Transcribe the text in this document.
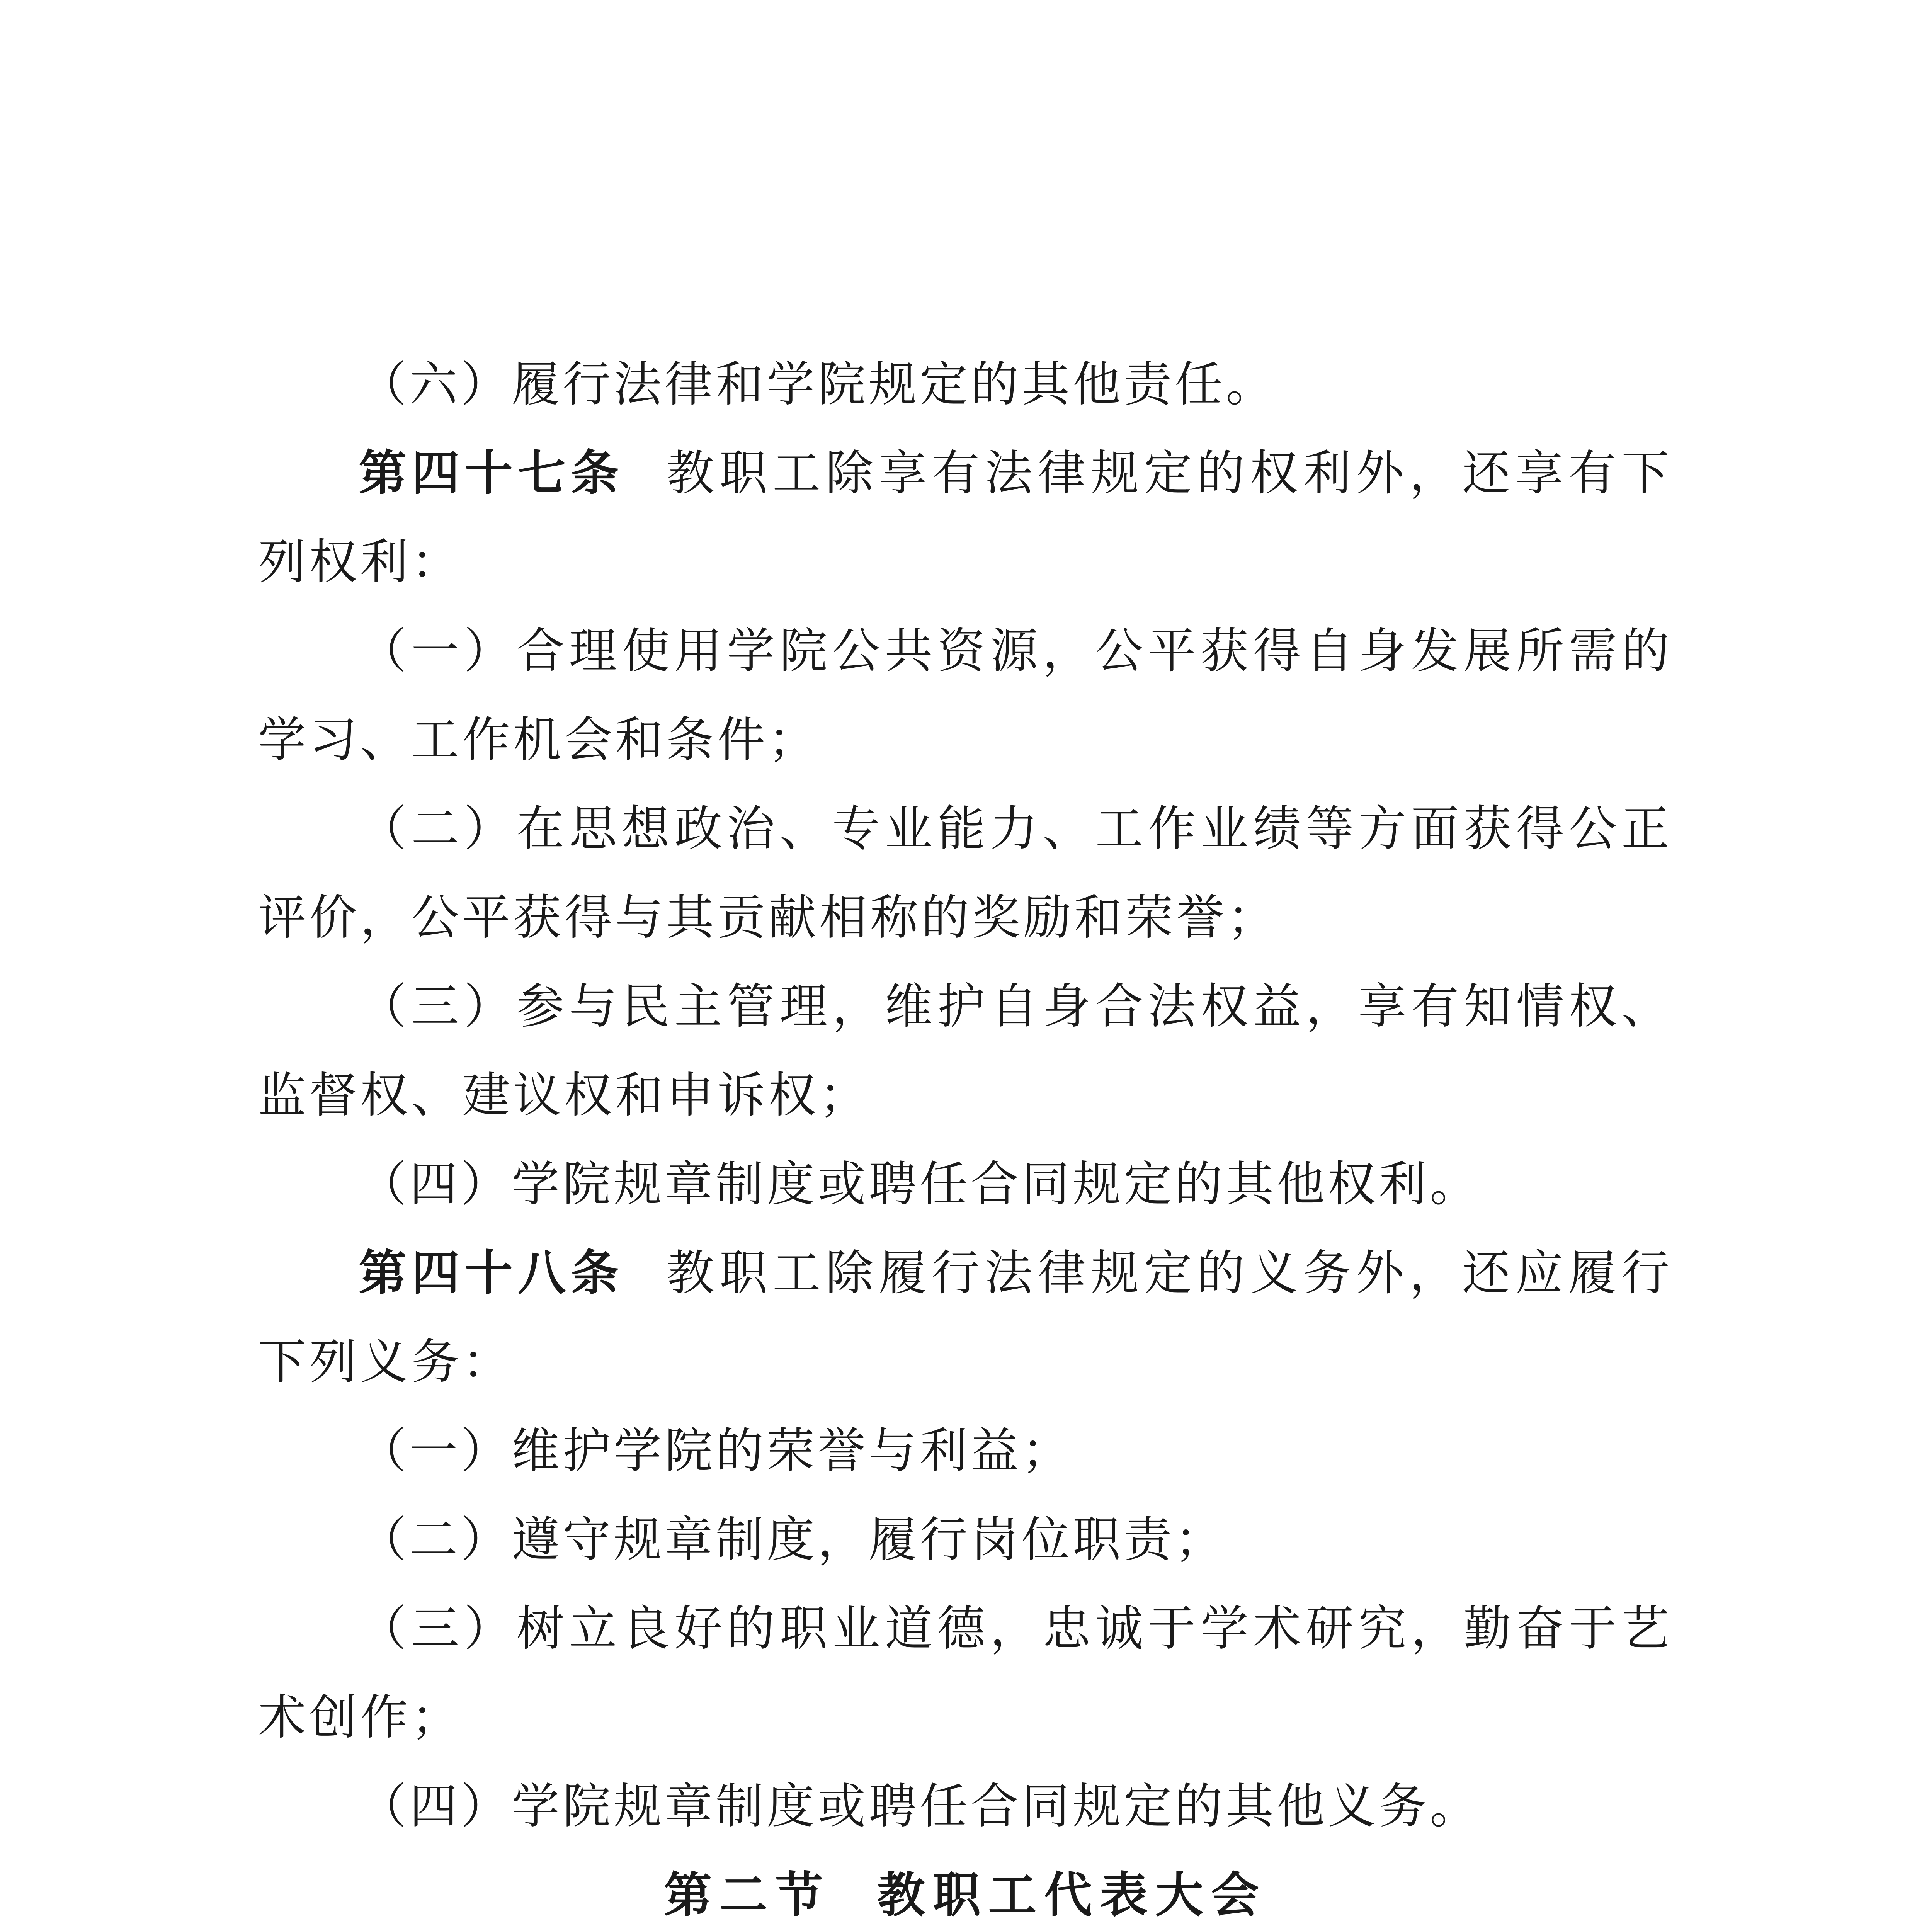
（六）履行法律和学院规定的其他责任。

第四十七条 教职工除享有法律规定的权利外，还享有下列权利：

（一）合理使用学院公共资源，公平获得自身发展所需的学习、工作机会和条件；

（二）在思想政治、专业能力、工作业绩等方面获得公正评价，公平获得与其贡献相称的奖励和荣誉；

（三）参与民主管理，维护自身合法权益，享有知情权、监督权、建议权和申诉权；

（四）学院规章制度或聘任合同规定的其他权利。

第四十八条 教职工除履行法律规定的义务外，还应履行下列义务：

（一）维护学院的荣誉与利益；

（二）遵守规章制度，履行岗位职责；

（三）树立良好的职业道德，忠诚于学术研究，勤奋于艺术创作；

（四）学院规章制度或聘任合同规定的其他义务。

第二节 教职工代表大会
